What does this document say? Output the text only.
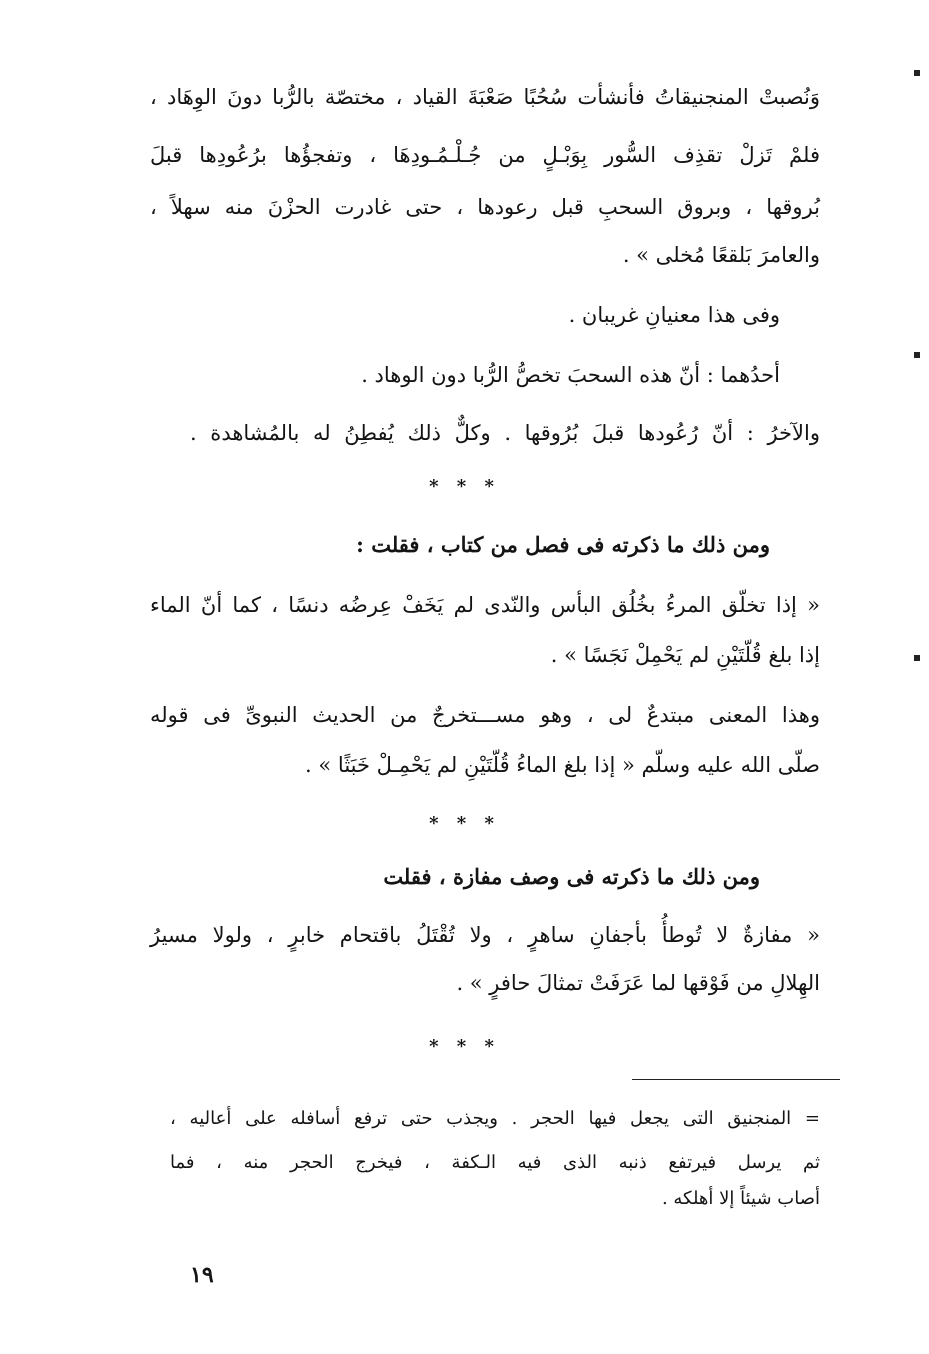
وَنُصبتْ المنجنيقاتُ فأنشأت سُحُبًا صَعْبَةَ القياد ، مختصّة بالرُّبا دونَ الوِهَاد ،
فلمْ تَزلْ تقذِف السُّور بِوَبْـلٍ من جُـلْـمُـودِهَا ، وتفجؤُها برُعُودِها قبلَ
بُروقها ، وبروق السحبِ قبل رعودها ، حتى غادرت الحزْنَ منه سهلاً ،
والعامرَ بَلقعًا مُخلى » .
وفى هذا معنيانِ غريبان .
أحدُهما : أنّ هذه السحبَ تخصُّ الرُّبا دون الوهاد .
والآخرُ : أنّ رُعُودها قبلَ بُرُوقها . وكلٌّ ذلك يُفطِنُ له بالمُشاهدة .
* * *
ومن ذلك ما ذكرته فى فصل من كتاب ، فقلت :
« إذا تخلّق المرءُ بخُلُق البأس والنّدى لم يَخَفْ عِرضُه دنسًا ، كما أنّ الماء
إذا بلغ قُلّتَيْنِ لم يَحْمِلْ نَجَسًا » .
وهذا المعنى مبتدعٌ لى ، وهو مســـتخرجٌ من الحديث النبوىِّ فى قوله
صلّى الله عليه وسلّم « إذا بلغ الماءُ قُلّتَيْنِ لم يَحْمِـلْ خَبَثًا » .
* * *
ومن ذلك ما ذكرته فى وصف مفازة ، فقلت
« مفازةٌ لا تُوطأُ بأجفانِ ساهرٍ ، ولا تُقْتَلُ باقتحام خابرٍ ، ولولا مسيرُ
الهِلالِ من فَوْقها لما عَرَفَتْ تمثالَ حافرٍ » .
* * *
= المنجنيق التى يجعل فيها الحجر . ويجذب حتى ترفع أسافله على أعاليه ،
ثم يرسل فيرتفع ذنبه الذى فيه الـكفة ، فيخرج الحجر منه ، فما
أصاب شيئاً إلا أهلكه .
١٩
